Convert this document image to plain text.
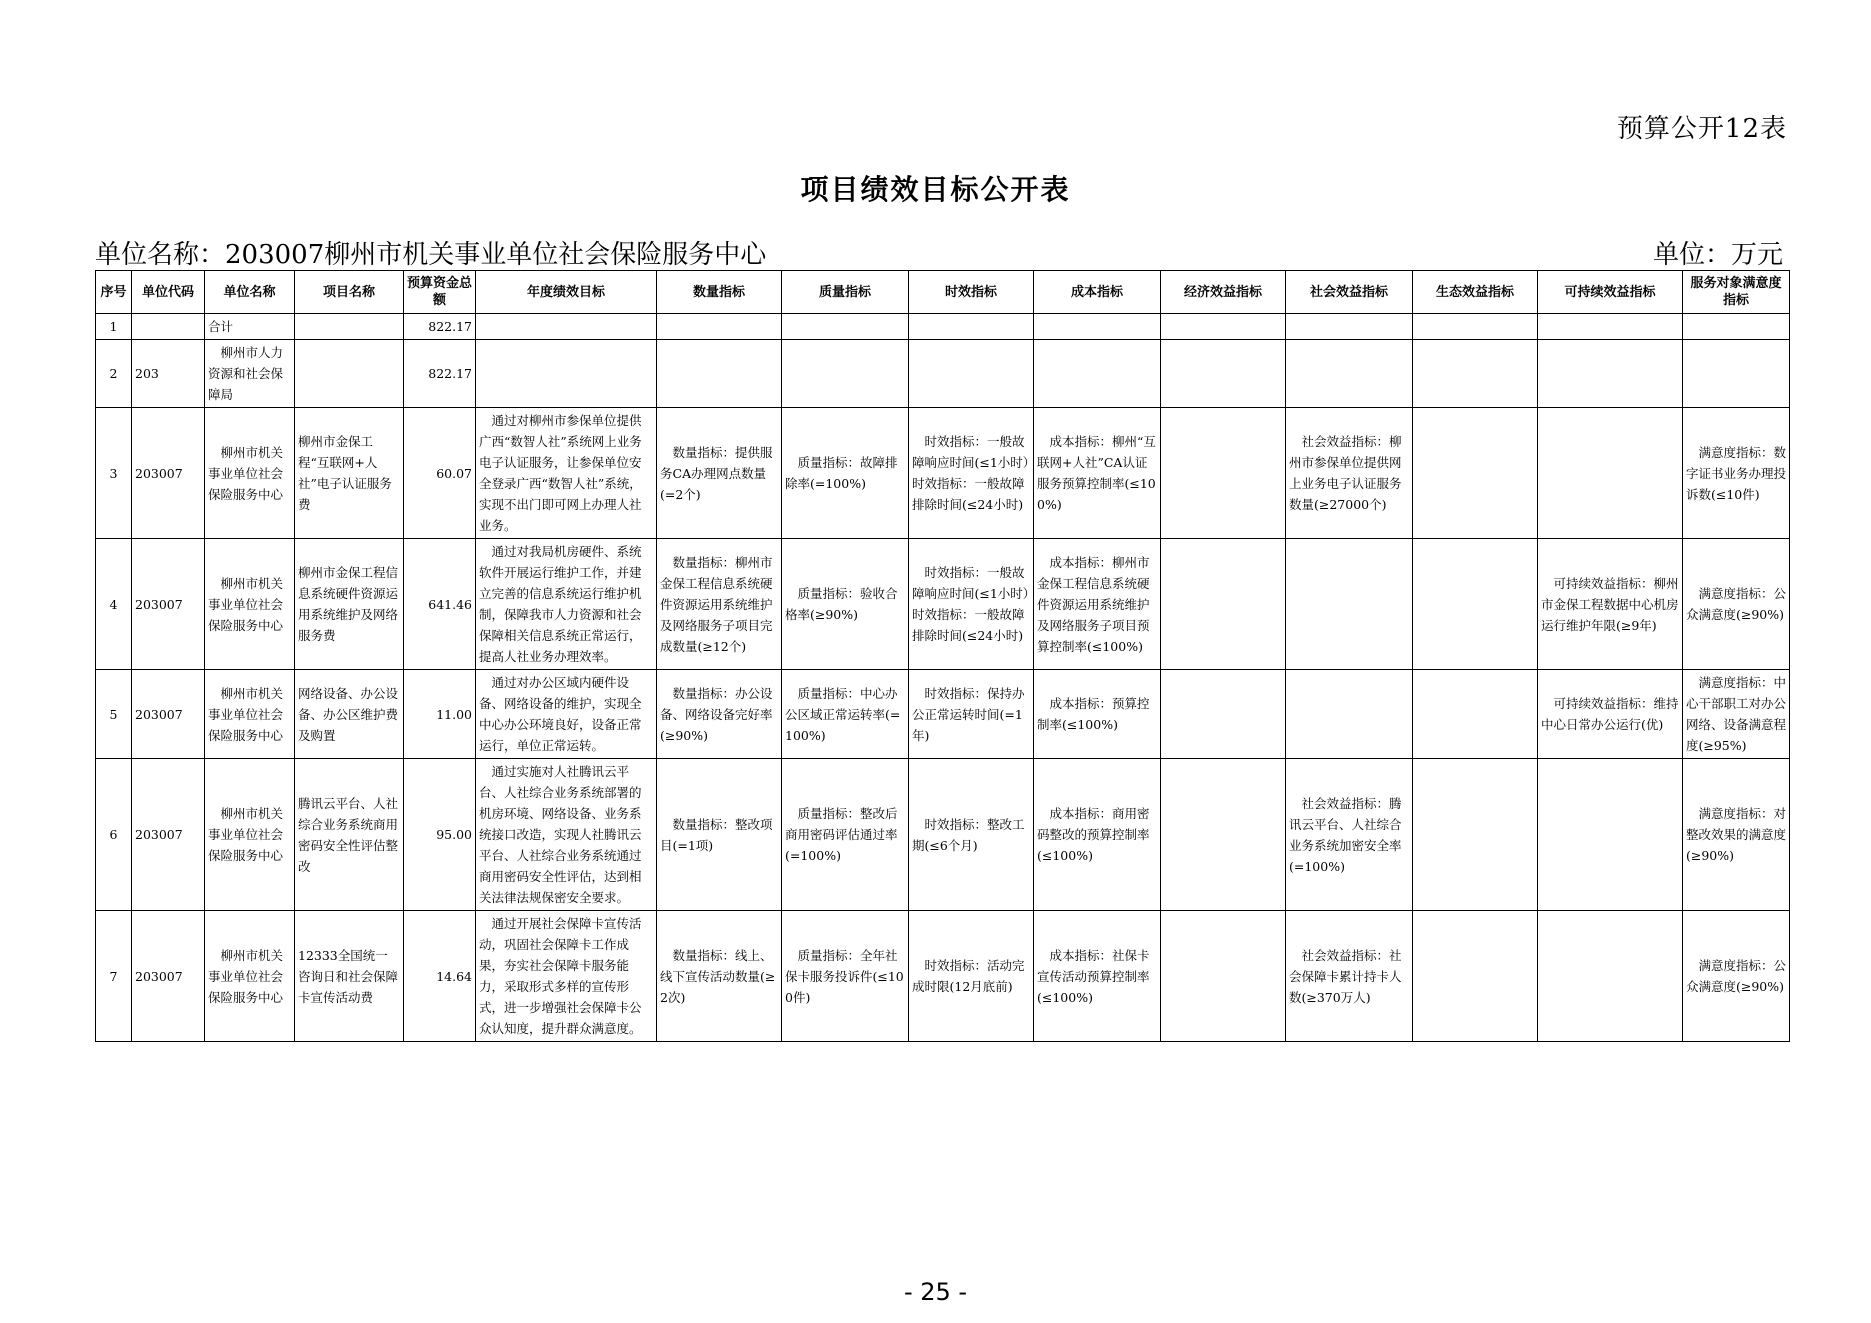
预算公开12表
项目绩效目标公开表
单位名称：203007柳州市机关事业单位社会保险服务中心	单位：万元
序号	单位代码	单位名称	项目名称	预算资金总额	年度绩效目标	数量指标	质量指标	时效指标	成本指标	经济效益指标	社会效益指标	生态效益指标	可持续效益指标	服务对象满意度指标
1		合计		822.17										
2	203	柳州市人力资源和社会保障局		822.17	

3	203007	柳州市机关事业单位社会保险服务中心	柳州市金保工程“互联网+人社”电子认证服务费	60.07	通过对柳州市参保单位提供广西“数智人社”系统网上业务电子认证服务，让参保单位安全登录广西“数智人社”系统，实现不出门即可网上办理人社业务。	数量指标：提供服务CA办理网点数量(=2个)	质量指标：故障排除率(=100%)	时效指标：一般故障响应时间(≤1小时）时效指标：一般故障排除时间(≤24小时)	成本指标：柳州“互联网+人社”CA认证服务预算控制率(≤100%)		社会效益指标：柳州市参保单位提供网上业务电子认证服务数量(≥27000个)			满意度指标：数字证书业务办理投诉数(≤10件)

4	203007	柳州市机关事业单位社会保险服务中心	柳州市金保工程信息系统硬件资源运用系统维护及网络服务费	641.46	通过对我局机房硬件、系统软件开展运行维护工作，并建立完善的信息系统运行维护机制，保障我市人力资源和社会保障相关信息系统正常运行，提高人社业务办理效率。	数量指标：柳州市金保工程信息系统硬件资源运用系统维护及网络服务子项目完成数量(≥12个)	质量指标：验收合格率(≥90%)	时效指标：一般故障响应时间(≤1小时）时效指标：一般故障排除时间(≤24小时)	成本指标：柳州市金保工程信息系统硬件资源运用系统维护及网络服务子项目预算控制率(≤100%)				可持续效益指标：柳州市金保工程数据中心机房运行维护年限(≥9年)	满意度指标：公众满意度(≥90%)

5	203007	柳州市机关事业单位社会保险服务中心	网络设备、办公设备、办公区维护费及购置	11.00	通过对办公区域内硬件设备、网络设备的维护，实现全中心办公环境良好，设备正常运行，单位正常运转。	数量指标：办公设备、网络设备完好率(≥90%)	质量指标：中心办公区域正常运转率(=100%)	时效指标：保持办公正常运转时间(=1年)	成本指标：预算控制率(≤100%)				可持续效益指标：维持中心日常办公运行(优)	满意度指标：中心干部职工对办公网络、设备满意程度(≥95%)

6	203007	柳州市机关事业单位社会保险服务中心	腾讯云平台、人社综合业务系统商用密码安全性评估整改	95.00	通过实施对人社腾讯云平台、人社综合业务系统部署的机房环境、网络设备、业务系统接口改造，实现人社腾讯云平台、人社综合业务系统通过商用密码安全性评估，达到相关法律法规保密安全要求。	数量指标：整改项目(=1项)	质量指标：整改后商用密码评估通过率(=100%)	时效指标：整改工期(≤6个月)	成本指标：商用密码整改的预算控制率(≤100%)		社会效益指标：腾讯云平台、人社综合业务系统加密安全率(=100%)			满意度指标：对整改效果的满意度(≥90%)

7	203007	柳州市机关事业单位社会保险服务中心	12333全国统一咨询日和社会保障卡宣传活动费	14.64	通过开展社会保障卡宣传活动，巩固社会保障卡工作成果，夯实社会保障卡服务能力，采取形式多样的宣传形式，进一步增强社会保障卡公众认知度，提升群众满意度。	数量指标：线上、线下宣传活动数量(≥2次)	质量指标：全年社保卡服务投诉件(≤100件)	时效指标：活动完成时限(12月底前)	成本指标：社保卡宣传活动预算控制率(≤100%)		社会效益指标：社会保障卡累计持卡人数(≥370万人)			满意度指标：公众满意度(≥90%)
- 25 -
